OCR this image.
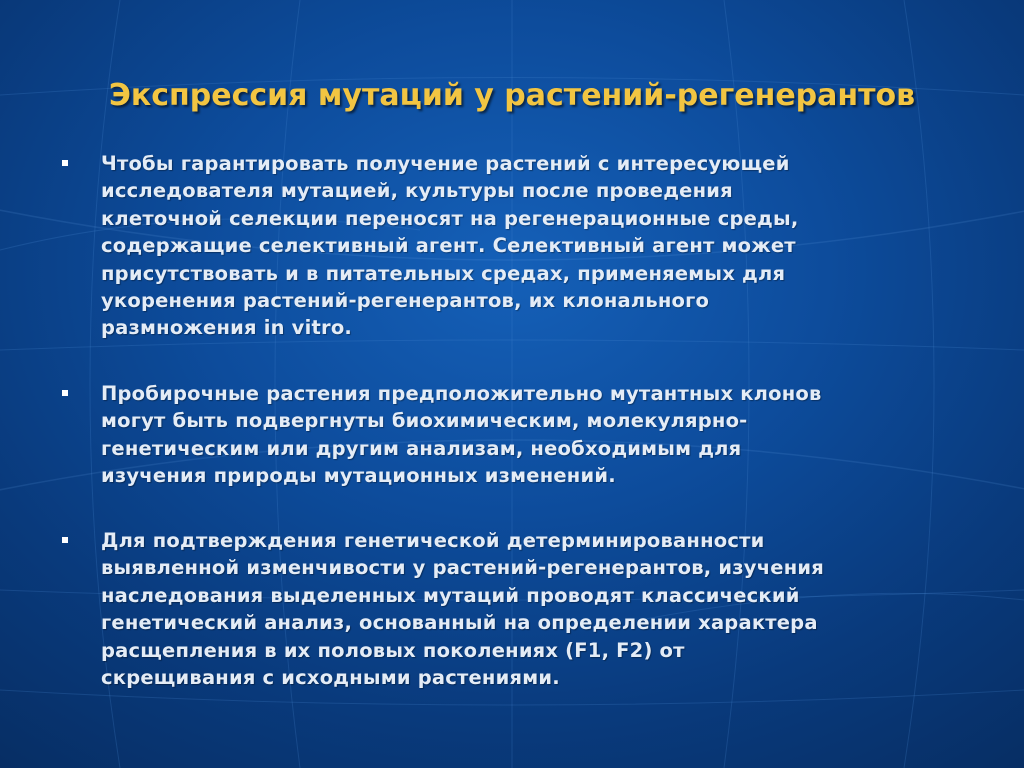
Экспрессия мутаций у растений-регенерантов
Чтобы гарантировать получение растений с интересующей
исследователя мутацией, культуры после проведения
клеточной селекции переносят на регенерационные среды,
содержащие селективный агент. Селективный агент может
присутствовать и в питательных средах, применяемых для
укоренения растений-регенерантов, их клонального
размножения in vitro.
Пробирочные растения предположительно мутантных клонов
могут быть подвергнуты биохимическим, молекулярно-
генетическим или другим анализам, необходимым для
изучения природы мутационных изменений.
Для подтверждения генетической детерминированности
выявленной изменчивости у растений-регенерантов, изучения
наследования выделенных мутаций проводят классический
генетический анализ, основанный на определении характера
расщепления в их половых поколениях (F1, F2) от
скрещивания с исходными растениями.
